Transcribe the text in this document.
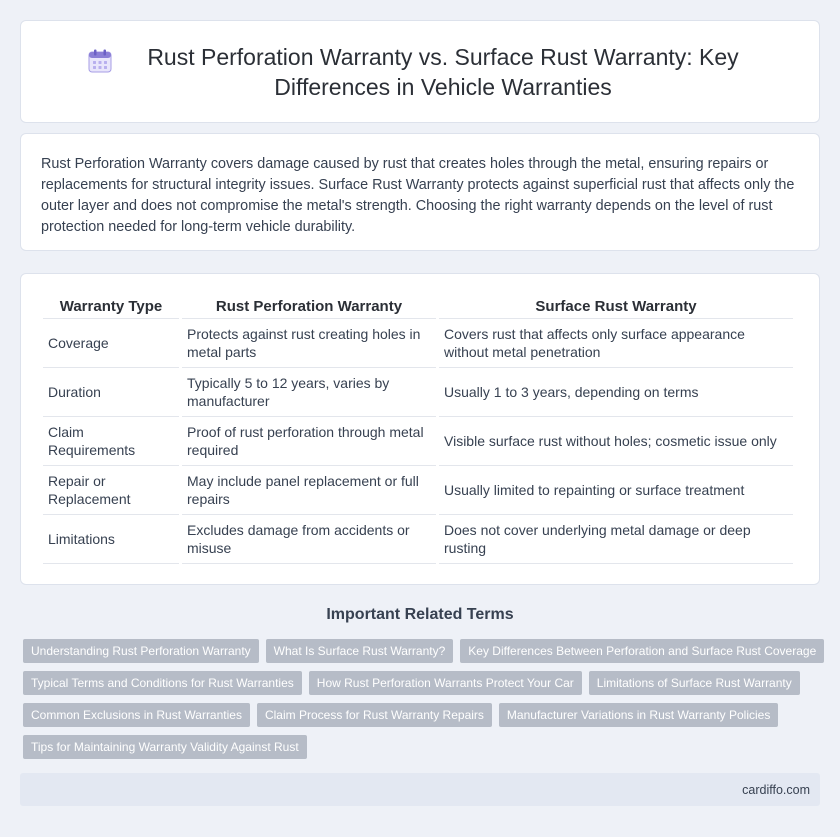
Rust Perforation Warranty vs. Surface Rust Warranty: Key Differences in Vehicle Warranties

Rust Perforation Warranty covers damage caused by rust that creates holes through the metal, ensuring repairs or replacements for structural integrity issues. Surface Rust Warranty protects against superficial rust that affects only the outer layer and does not compromise the metal's strength. Choosing the right warranty depends on the level of rust protection needed for long-term vehicle durability.

Warranty Type	Rust Perforation Warranty	Surface Rust Warranty
Coverage	Protects against rust creating holes in metal parts	Covers rust that affects only surface appearance without metal penetration
Duration	Typically 5 to 12 years, varies by manufacturer	Usually 1 to 3 years, depending on terms
Claim Requirements	Proof of rust perforation through metal required	Visible surface rust without holes; cosmetic issue only
Repair or Replacement	May include panel replacement or full repairs	Usually limited to repainting or surface treatment
Limitations	Excludes damage from accidents or misuse	Does not cover underlying metal damage or deep rusting
Important Related Terms
Understanding Rust Perforation Warranty	What Is Surface Rust Warranty?	Key Differences Between Perforation and Surface Rust Coverage
Typical Terms and Conditions for Rust Warranties	How Rust Perforation Warrants Protect Your Car	Limitations of Surface Rust Warranty
Common Exclusions in Rust Warranties	Claim Process for Rust Warranty Repairs	Manufacturer Variations in Rust Warranty Policies
Tips for Maintaining Warranty Validity Against Rust
cardiffo.com
